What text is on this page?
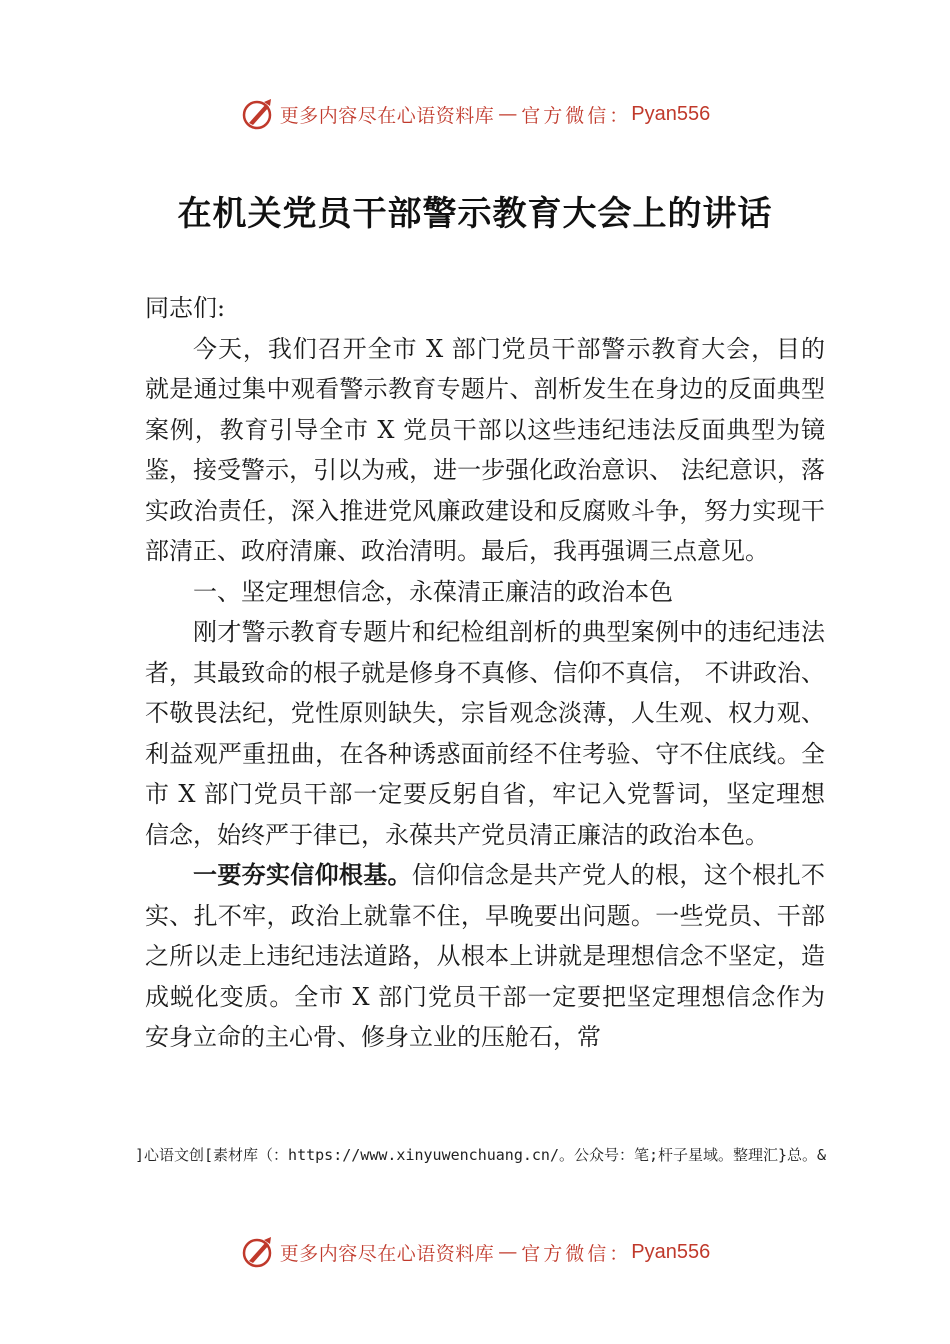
更多内容尽在心语资料库 — 官方微信： Pyan556
在机关党员干部警示教育大会上的讲话

同志们:

今天，我们召开全市 X 部门党员干部警示教育大会，目的就是通过集中观看警示教育专题片、剖析发生在身边的反面典型案例，教育引导全市 X 党员干部以这些违纪违法反面典型为镜鉴，接受警示，引以为戒，进一步强化政治意识、 法纪意识，落实政治责任，深入推进党风廉政建设和反腐败斗争，努力实现干部清正、政府清廉、政治清明。最后，我再强调三点意见。

一、坚定理想信念，永葆清正廉洁的政治本色

刚才警示教育专题片和纪检组剖析的典型案例中的违纪违法者，其最致命的根子就是修身不真修、信仰不真信， 不讲政治、不敬畏法纪，党性原则缺失，宗旨观念淡薄，人生观、权力观、利益观严重扭曲，在各种诱惑面前经不住考验、守不住底线。全市 X 部门党员干部一定要反躬自省，牢记入党誓词，坚定理想信念，始终严于律已，永葆共产党员清正廉洁的政治本色。

一要夯实信仰根基。信仰信念是共产党人的根，这个根扎不实、扎不牢，政治上就靠不住，早晚要出问题。一些党员、干部之所以走上违纪违法道路，从根本上讲就是理想信念不坚定，造成蜕化变质。全市 X 部门党员干部一定要把坚定理想信念作为安身立命的主心骨、修身立业的压舱石，常

]心语文创[素材库（：https://www.xinyuwenchuang.cn/。公众号：笔;杆子星域。整理汇}总。&
更多内容尽在心语资料库 — 官方微信： Pyan556
